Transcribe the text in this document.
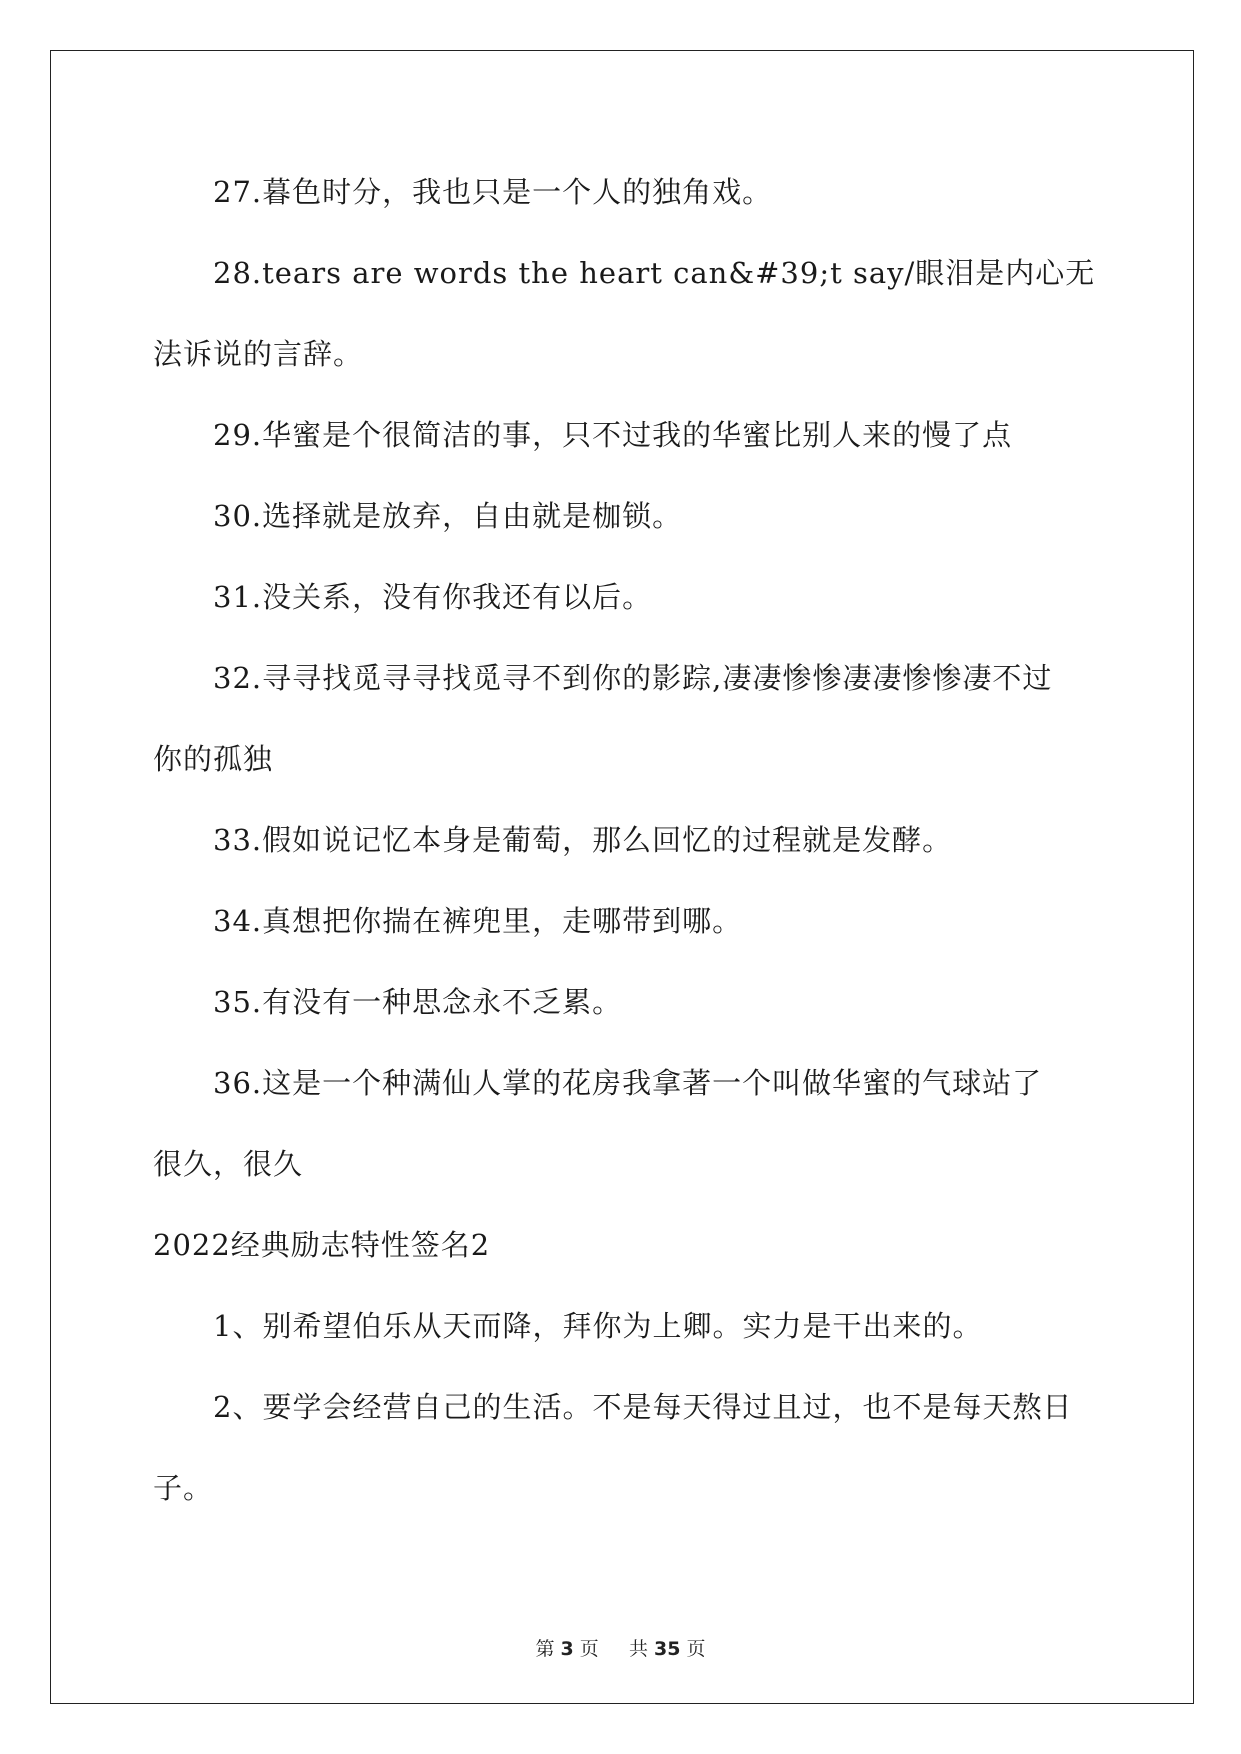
27.暮色时分，我也只是一个人的独角戏。
28.tears are words the heart can&#39;t say/眼泪是内心无
法诉说的言辞。
29.华蜜是个很简洁的事，只不过我的华蜜比别人来的慢了点
30.选择就是放弃，自由就是枷锁。
31.没关系，没有你我还有以后。
32.寻寻找觅寻寻找觅寻不到你的影踪,凄凄惨惨凄凄惨惨凄不过
你的孤独
33.假如说记忆本身是葡萄，那么回忆的过程就是发酵。
34.真想把你揣在裤兜里，走哪带到哪。
35.有没有一种思念永不乏累。
36.这是一个种满仙人掌的花房我拿著一个叫做华蜜的气球站了
很久，很久
2022经典励志特性签名2
1、别希望伯乐从天而降，拜你为上卿。实力是干出来的。
2、要学会经营自己的生活。不是每天得过且过，也不是每天熬日
子。
第 3 页 共 35 页
